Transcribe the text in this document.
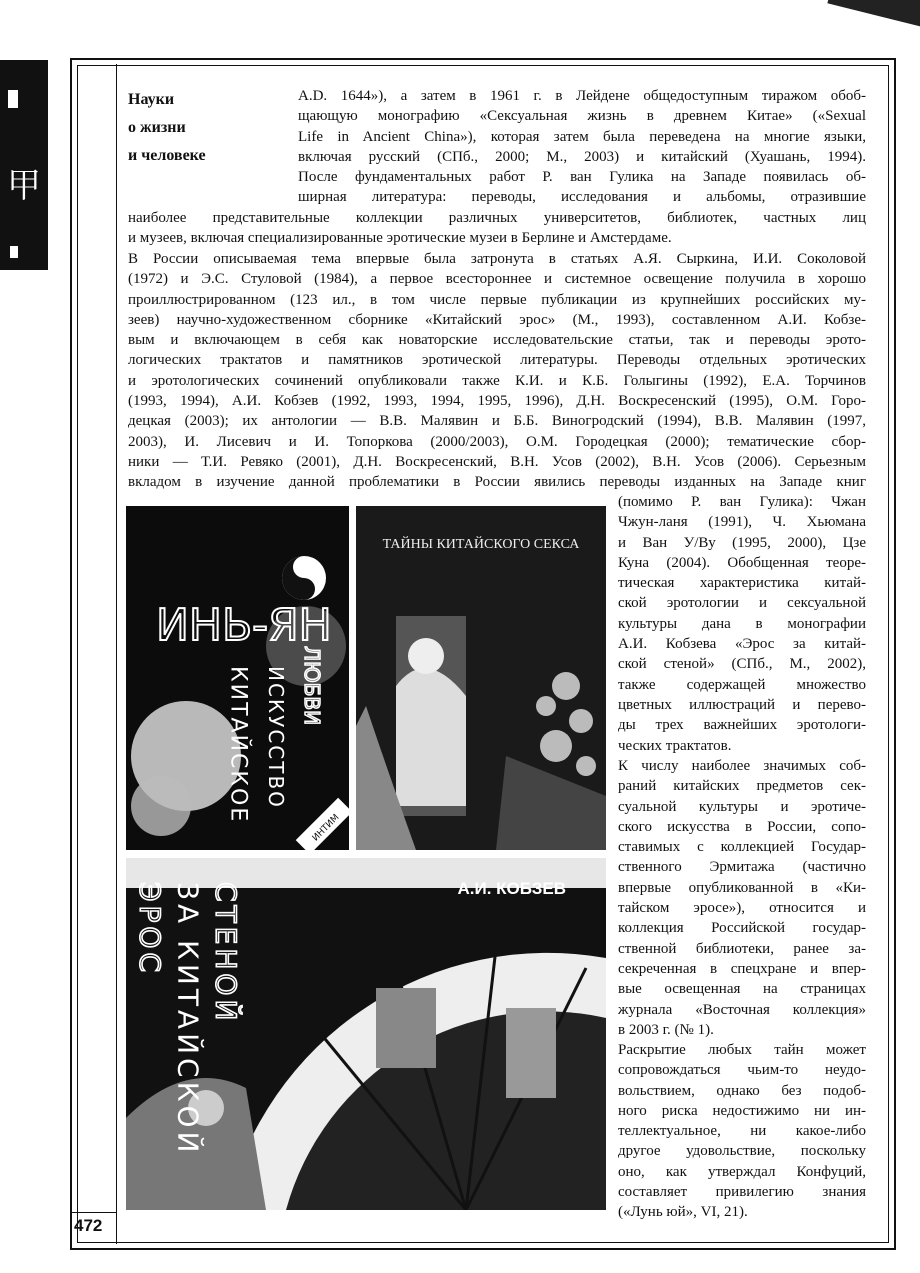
甲
472
Науки
о жизни
и человеке
A.D. 1644»), а затем в 1961 г. в Лейдене общедоступным тиражом обоб-
щающую монографию «Сексуальная жизнь в древнем Китае» («Sexual
Life in Ancient China»), которая затем была переведена на многие языки,
включая русский (СПб., 2000; М., 2003) и китайский (Хуашань, 1994).
После фундаментальных работ Р. ван Гулика на Западе появилась об-
ширная литература: переводы, исследования и альбомы, отразившие
наиболее представительные коллекции различных университетов, библиотек, частных лиц
и музеев, включая специализированные эротические музеи в Берлине и Амстердаме.
В России описываемая тема впервые была затронута в статьях А.Я. Сыркина, И.И. Соколовой
(1972) и Э.С. Стуловой (1984), а первое всестороннее и системное освещение получила в хорошо
проиллюстрированном (123 ил., в том числе первые публикации из крупнейших российских му-
зеев) научно-художественном сборнике «Китайский эрос» (М., 1993), составленном А.И. Кобзе-
вым и включающем в себя как новаторские исследовательские статьи, так и переводы эрото-
логических трактатов и памятников эротической литературы. Переводы отдельных эротических
и эротологических сочинений опубликовали также К.И. и К.Б. Голыгины (1992), Е.А. Торчинов
(1993, 1994), А.И. Кобзев (1992, 1993, 1994, 1995, 1996), Д.Н. Воскресенский (1995), О.М. Горо-
децкая (2003); их антологии — В.В. Малявин и Б.Б. Виногродский (1994), В.В. Малявин (1997,
2003), И. Лисевич и И. Топоркова (2000/2003), О.М. Городецкая (2000); тематические сбор-
ники — Т.И. Ревяко (2001), Д.Н. Воскресенский, В.Н. Усов (2002), В.Н. Усов (2006). Серьезным
вкладом в изучение данной проблематики в России явились переводы изданных на Западе книг
(помимо Р. ван Гулика): Чжан
Чжун-ланя (1991), Ч. Хьюмана
и Ван У/Ву (1995, 2000), Цзе
Куна (2004). Обобщенная теоре-
тическая характеристика китай-
ской эротологии и сексуальной
культуры дана в монографии
А.И. Кобзева «Эрос за китай-
ской стеной» (СПб., М., 2002),
также содержащей множество
цветных иллюстраций и перево-
ды трех важнейших эротологи-
ческих трактатов.
К числу наиболее значимых соб-
раний китайских предметов сек-
суальной культуры и эротиче-
ского искусства в России, сопо-
ставимых с коллекцией Государ-
ственного Эрмитажа (частично
впервые опубликованной в «Ки-
тайском эросе»), относится и
коллекция Российской государ-
ственной библиотеки, ранее за-
секреченная в спецхране и впер-
вые освещенная на страницах
журнала «Восточная коллекция»
в 2003 г. (№ 1).
Раскрытие любых тайн может
сопровождаться чьим-то неудо-
вольствием, однако без подоб-
ного риска недостижимо ни ин-
теллектуальное, ни какое-либо
другое удовольствие, поскольку
оно, как утверждал Конфуций,
составляет привилегию знания
(«Лунь юй», VI, 21).
ИНЬ-ЯН
КИТАЙСКОЕ ИСКУССТВО ЛЮБВИ
ИНТИМ
ТАЙНЫ КИТАЙСКОГО СЕКСА
А.И. КОБЗЕВ
ЭРОС ЗА КИТАЙСКОЙ СТЕНОЙ
